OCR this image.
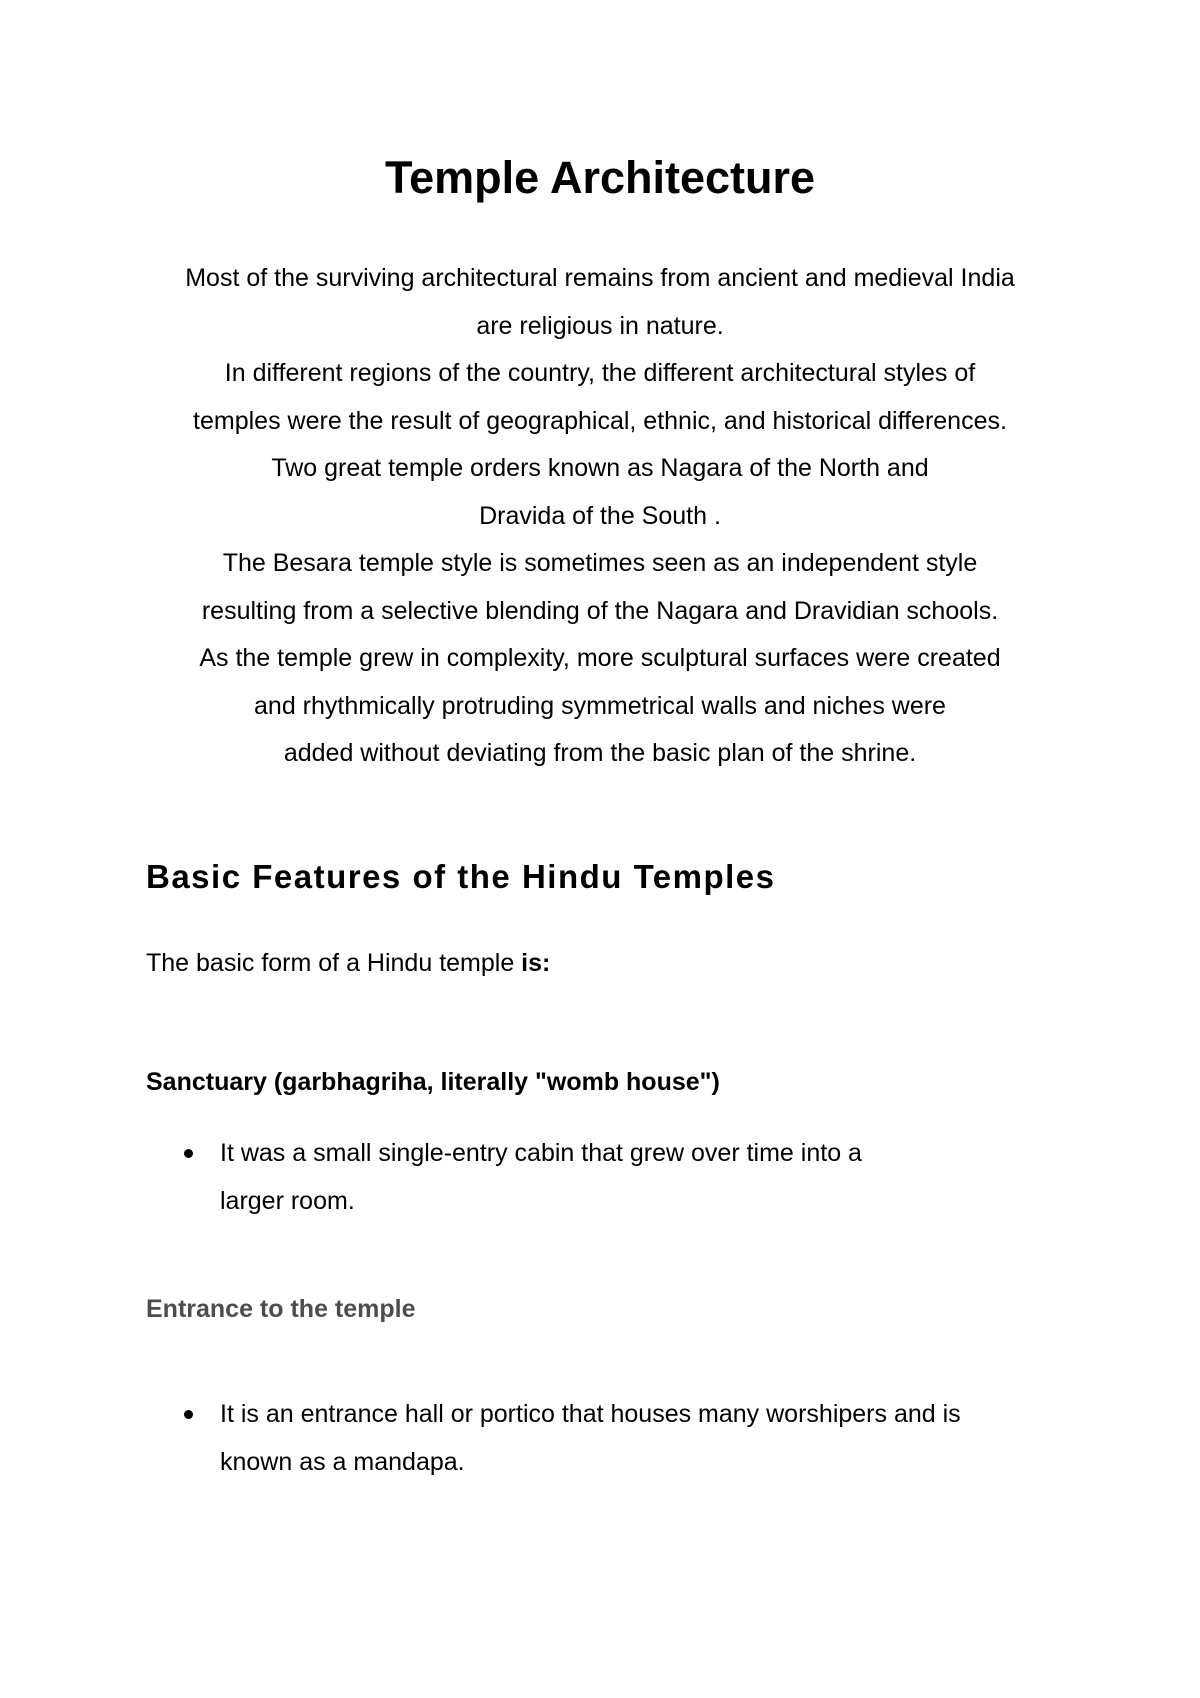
Temple Architecture

Most of the surviving architectural remains from ancient and medieval India
are religious in nature.
In different regions of the country, the different architectural styles of
temples were the result of geographical, ethnic, and historical differences.
Two great temple orders known as Nagara of the North and
Dravida of the South .
The Besara temple style is sometimes seen as an independent style
resulting from a selective blending of the Nagara and Dravidian schools.
As the temple grew in complexity, more sculptural surfaces were created
and rhythmically protruding symmetrical walls and niches were
added without deviating from the basic plan of the shrine.

Basic Features of the Hindu Temples

The basic form of a Hindu temple is:

Sanctuary (garbhagriha, literally "womb house")
It was a small single-entry cabin that grew over time into a
larger room.
Entrance to the temple
It is an entrance hall or portico that houses many worshipers and is
known as a mandapa.
